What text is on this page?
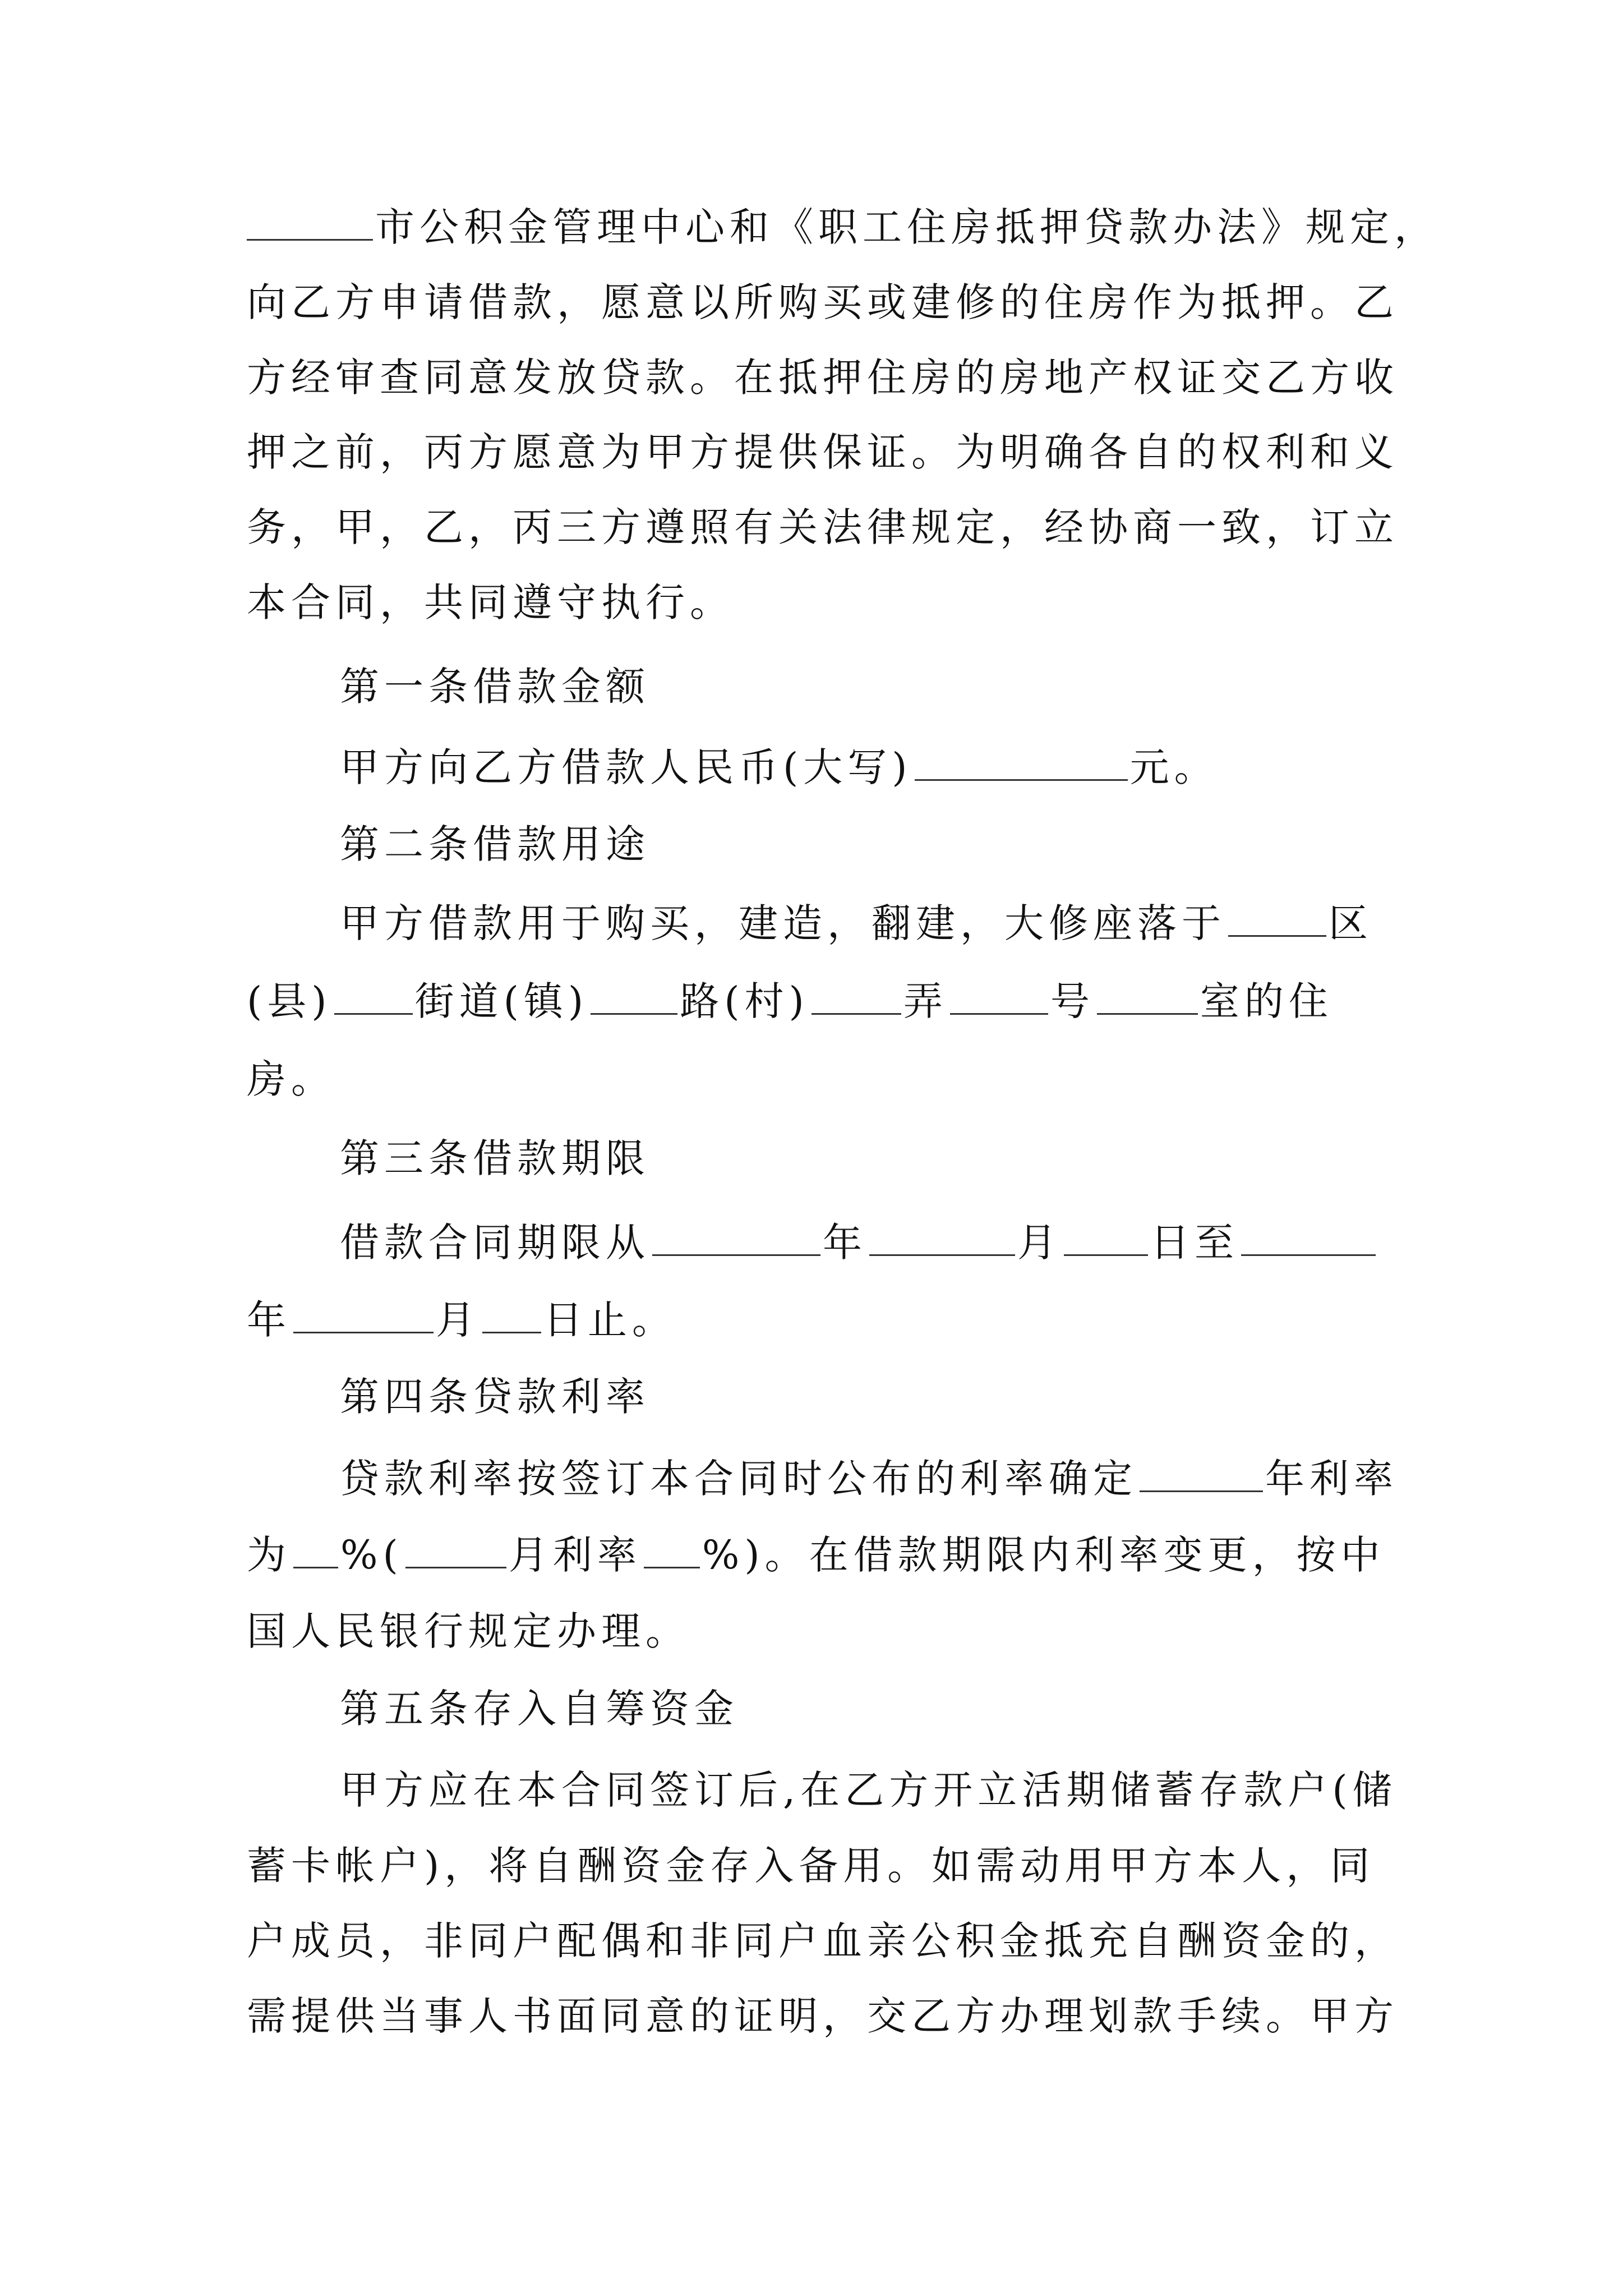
市公积金管理中心和《职工住房抵押贷款办法》规定，
向乙方申请借款，愿意以所购买或建修的住房作为抵押。乙
方经审查同意发放贷款。在抵押住房的房地产权证交乙方收
押之前，丙方愿意为甲方提供保证。为明确各自的权利和义
务，甲，乙，丙三方遵照有关法律规定，经协商一致，订立
本合同，共同遵守执行。
第一条借款金额
甲方向乙方借款人民币(大写)	元。
第二条借款用途
甲方借款用于购买，建造，翻建，大修座落于	区
(县) 街道(镇) 路(村) 弄	号	室的住
房。
第三条借款期限
借款合同期限从	年	月 日至
年	月 日止。
第四条贷款利率
贷款利率按签订本合同时公布的利率确定	年利率
为 %(	月利率 %)。在借款期限内利率变更，按中
国人民银行规定办理。
第五条存入自筹资金
甲方应在本合同签订后,在乙方开立活期储蓄存款户(储
蓄卡帐户)，将自酬资金存入备用。如需动用甲方本人，同
户成员，非同户配偶和非同户血亲公积金抵充自酬资金的，
需提供当事人书面同意的证明，交乙方办理划款手续。甲方
